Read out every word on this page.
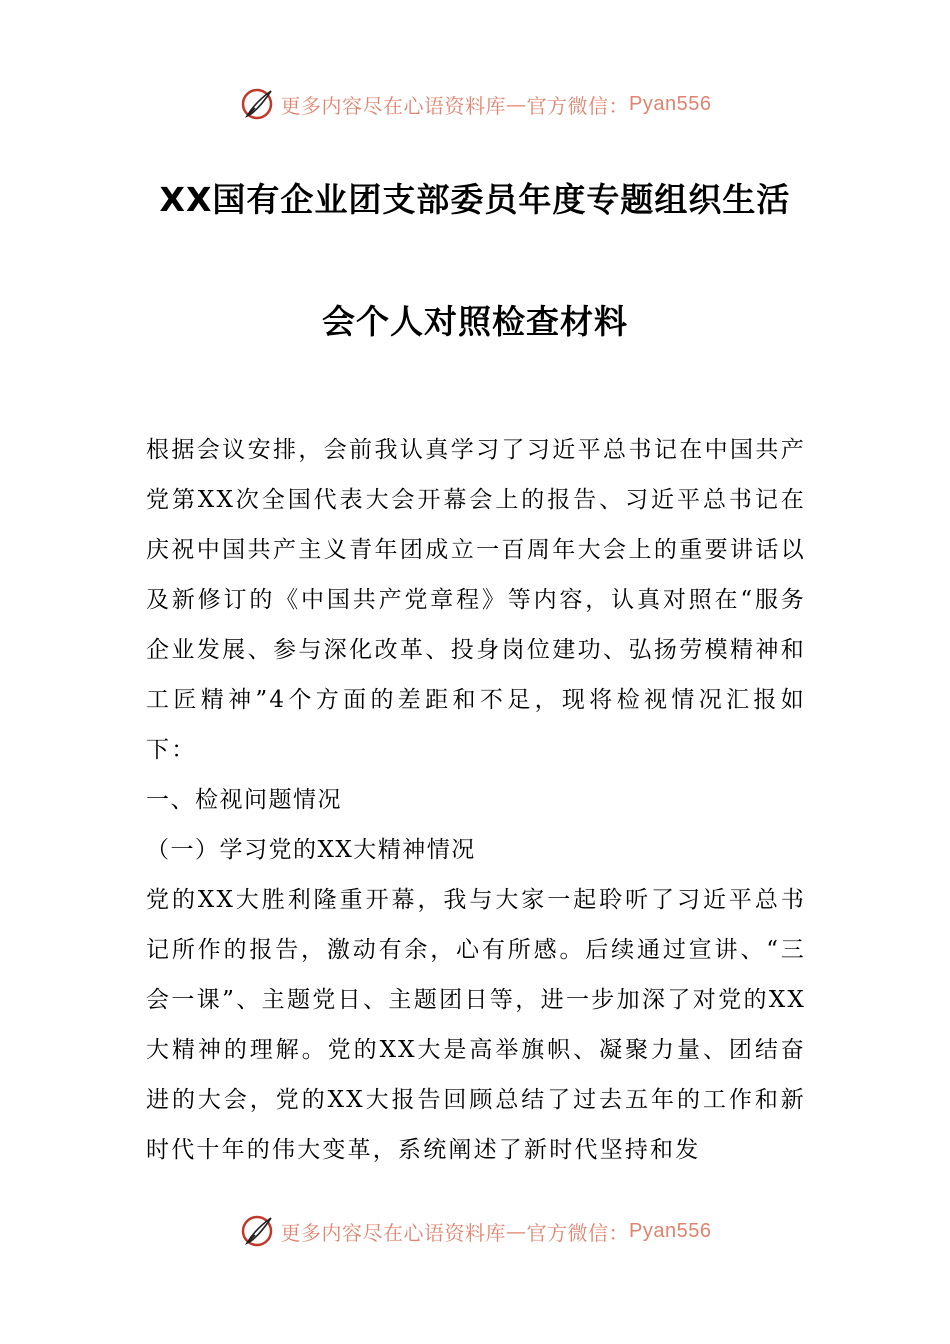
更多内容尽在心语资料库 — 官方微信： Pyan556
XX国有企业团支部委员年度专题组织生活
会个人对照检查材料

根据会议安排，会前我认真学习了习近平总书记在中国共产党第XX次全国代表大会开幕会上的报告、习近平总书记在庆祝中国共产主义青年团成立一百周年大会上的重要讲话以及新修订的《中国共产党章程》等内容，认真对照在“服务企业发展、参与深化改革、投身岗位建功、弘扬劳模精神和工匠精神”4个方面的差距和不足，现将检视情况汇报如下：

一、检视问题情况

（一）学习党的XX大精神情况

党的XX大胜利隆重开幕，我与大家一起聆听了习近平总书记所作的报告，激动有余，心有所感。后续通过宣讲、“三会一课”、主题党日、主题团日等，进一步加深了对党的XX大精神的理解。党的XX大是高举旗帜、凝聚力量、团结奋进的大会，党的XX大报告回顾总结了过去五年的工作和新时代十年的伟大变革，系统阐述了新时代坚持和发

更多内容尽在心语资料库 — 官方微信： Pyan556
